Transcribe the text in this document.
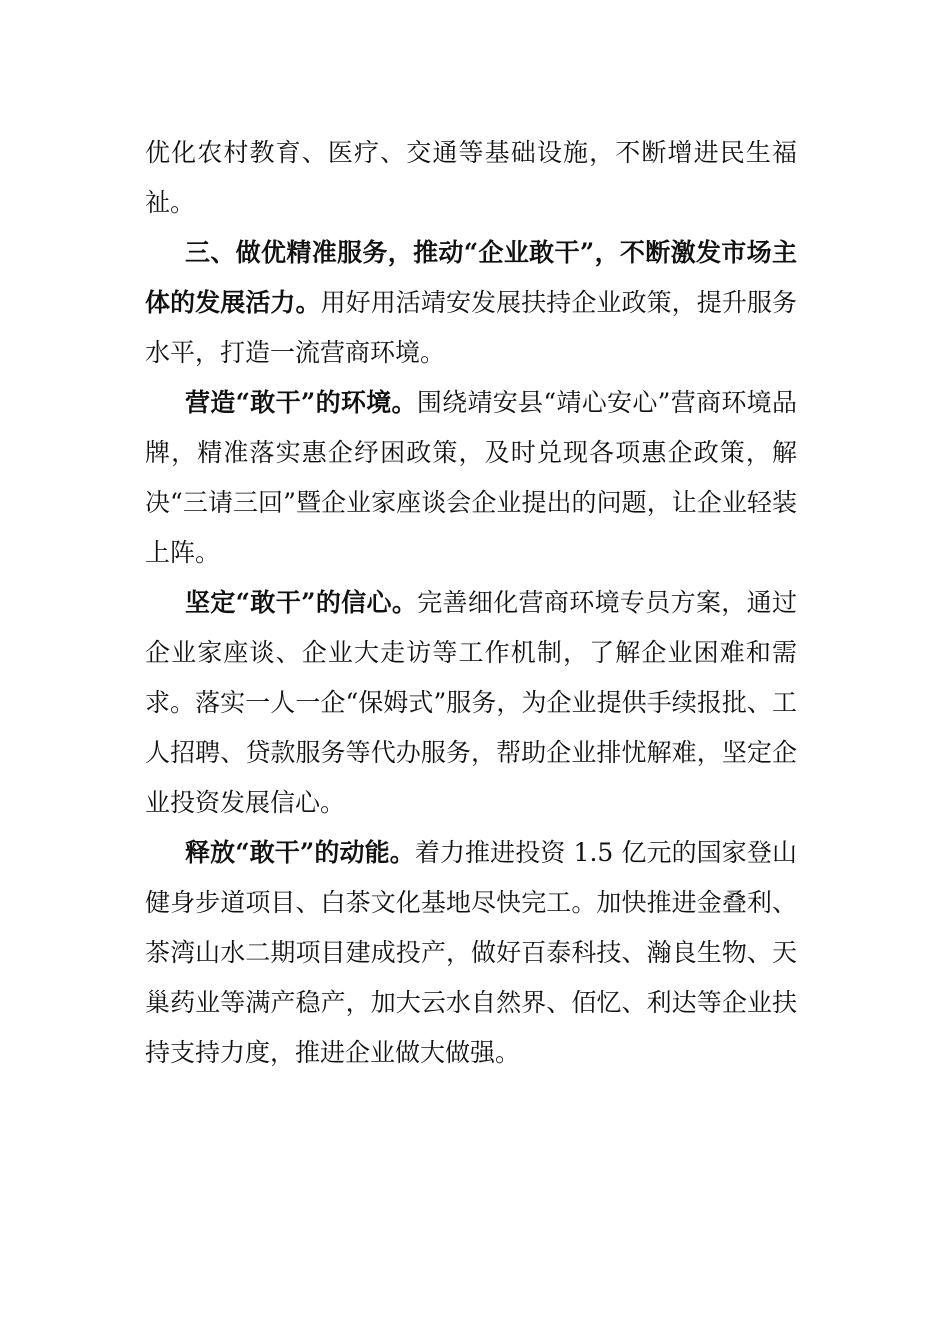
优化农村教育、医疗、交通等基础设施，不断增进民生福祉。

三、做优精准服务，推动“企业敢干”，不断激发市场主体的发展活力。用好用活靖安发展扶持企业政策，提升服务水平，打造一流营商环境。

营造“敢干”的环境。围绕靖安县“靖心安心”营商环境品牌，精准落实惠企纾困政策，及时兑现各项惠企政策，解决“三请三回”暨企业家座谈会企业提出的问题，让企业轻装上阵。

坚定“敢干”的信心。完善细化营商环境专员方案，通过企业家座谈、企业大走访等工作机制，了解企业困难和需求。落实一人一企“保姆式”服务，为企业提供手续报批、工人招聘、贷款服务等代办服务，帮助企业排忧解难，坚定企业投资发展信心。

释放“敢干”的动能。着力推进投资 1.5 亿元的国家登山健身步道项目、白茶文化基地尽快完工。加快推进金叠利、茶湾山水二期项目建成投产，做好百泰科技、瀚良生物、天巢药业等满产稳产，加大云水自然界、佰忆、利达等企业扶持支持力度，推进企业做大做强。
